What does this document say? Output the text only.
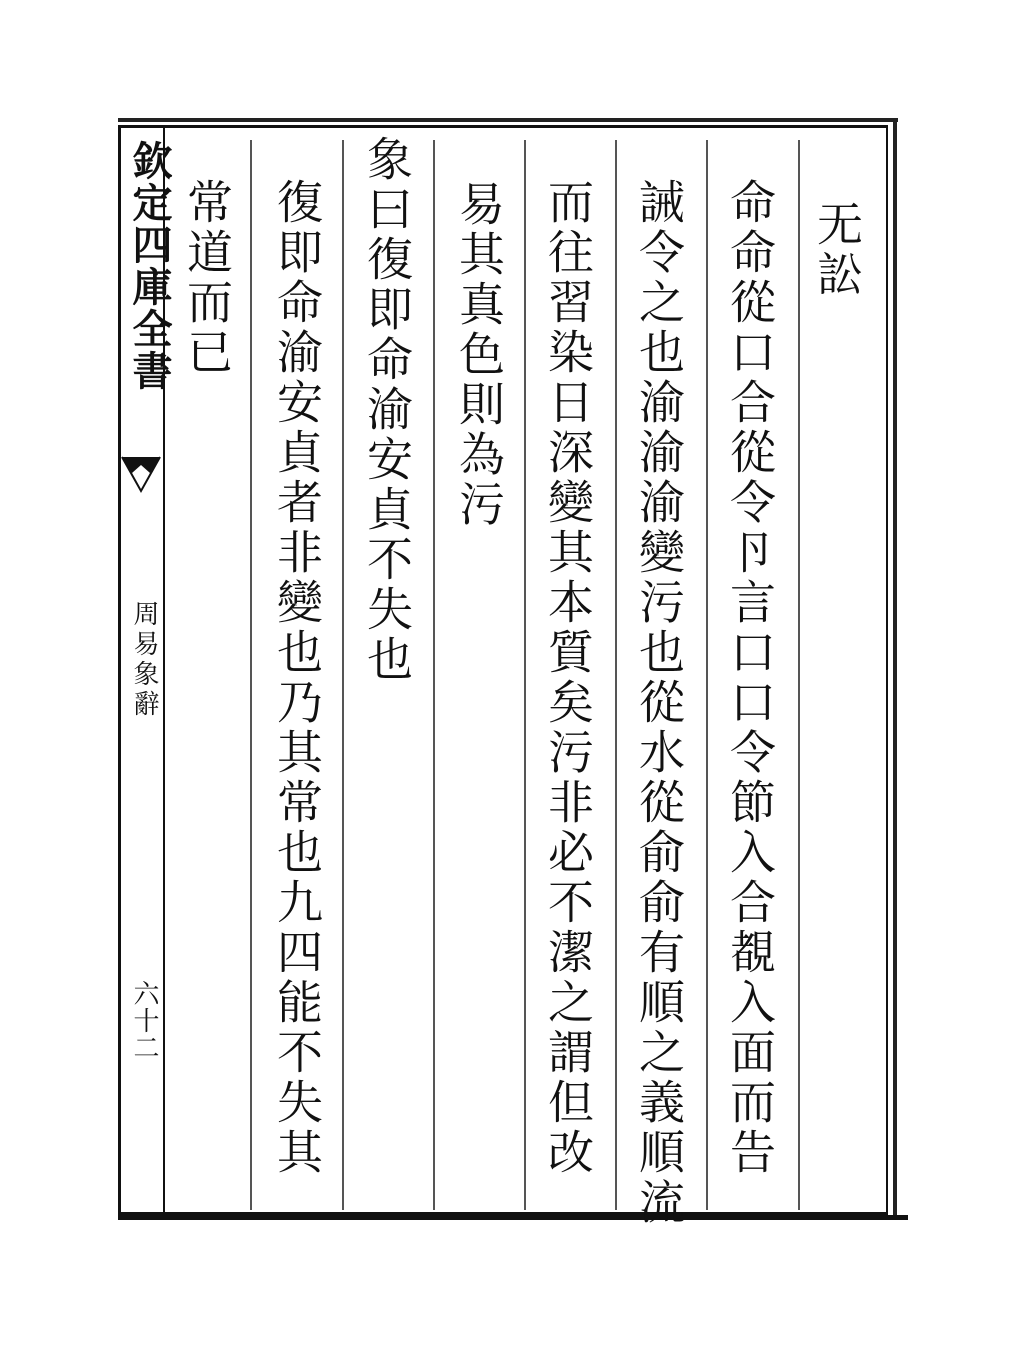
欽定四庫全書
周易象辭
六十二
无訟
命命從口合從令卪言口口令節入合覩入面而告
誡令之也渝渝渝變污也從水從俞俞有順之義順流
而往習染日深變其本質矣污非必不潔之謂但改
易其真色則為污
象曰復即命渝安貞不失也
復即命渝安貞者非變也乃其常也九四能不失其
常道而已
